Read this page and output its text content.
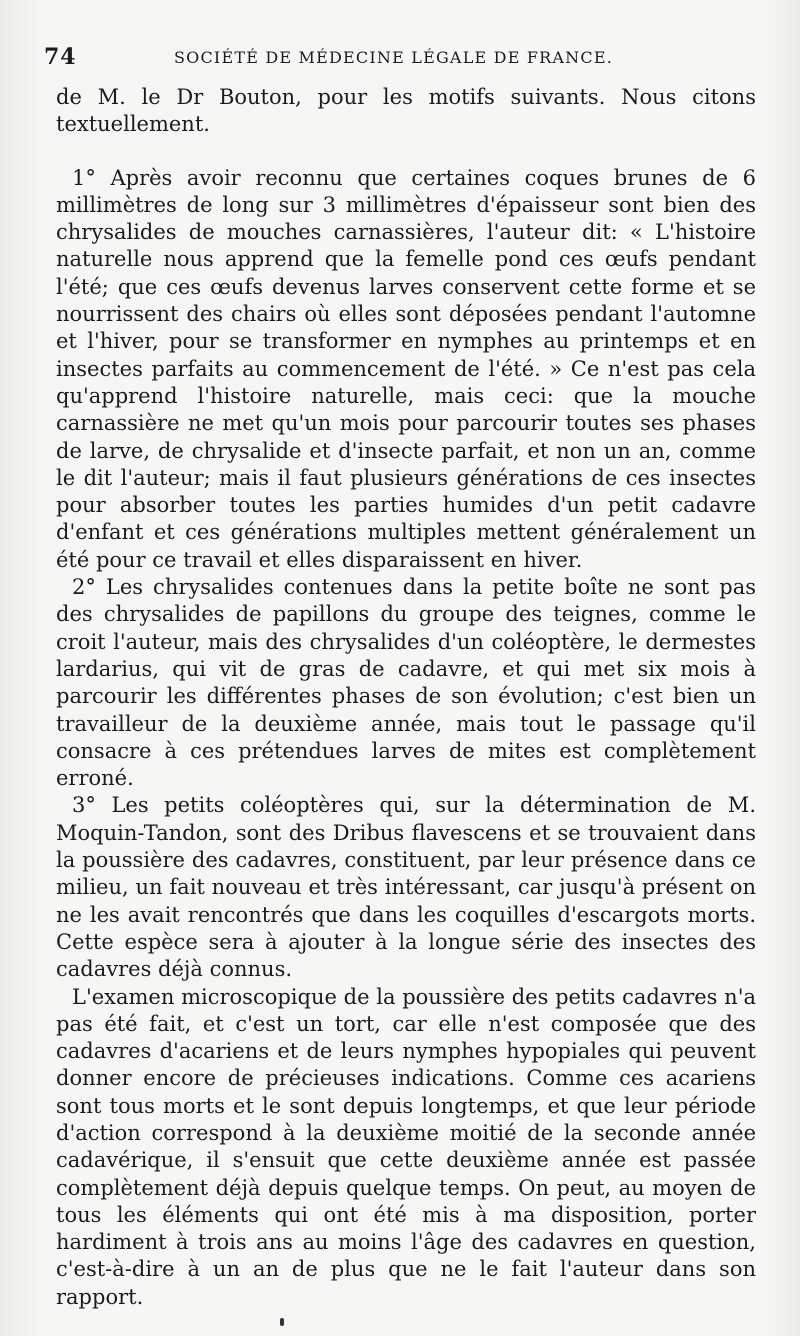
74	SOCIÉTÉ DE MÉDECINE LÉGALE DE FRANCE.

de M. le Dr Bouton, pour les motifs suivants. Nous citons textuellement.

1° Après avoir reconnu que certaines coques brunes de 6 millimètres de long sur 3 millimètres d'épaisseur sont bien des chrysalides de mouches carnassières, l'auteur dit: « L'histoire naturelle nous apprend que la femelle pond ces œufs pendant l'été; que ces œufs devenus larves conservent cette forme et se nourrissent des chairs où elles sont déposées pendant l'automne et l'hiver, pour se transformer en nymphes au printemps et en insectes parfaits au commencement de l'été. » Ce n'est pas cela qu'apprend l'histoire naturelle, mais ceci: que la mouche carnassière ne met qu'un mois pour parcourir toutes ses phases de larve, de chrysalide et d'insecte parfait, et non un an, comme le dit l'auteur; mais il faut plusieurs générations de ces insectes pour absorber toutes les parties humides d'un petit cadavre d'enfant et ces générations multiples mettent généralement un été pour ce travail et elles disparaissent en hiver.

2° Les chrysalides contenues dans la petite boîte ne sont pas des chrysalides de papillons du groupe des teignes, comme le croit l'auteur, mais des chrysalides d'un coléoptère, le dermestes lardarius, qui vit de gras de cadavre, et qui met six mois à parcourir les différentes phases de son évolution; c'est bien un travailleur de la deuxième année, mais tout le passage qu'il consacre à ces prétendues larves de mites est complètement erroné.

3° Les petits coléoptères qui, sur la détermination de M. Moquin-Tandon, sont des Dribus flavescens et se trouvaient dans la poussière des cadavres, constituent, par leur présence dans ce milieu, un fait nouveau et très intéressant, car jusqu'à présent on ne les avait rencontrés que dans les coquilles d'escargots morts. Cette espèce sera à ajouter à la longue série des insectes des cadavres déjà connus.

L'examen microscopique de la poussière des petits cadavres n'a pas été fait, et c'est un tort, car elle n'est composée que des cadavres d'acariens et de leurs nymphes hypopiales qui peuvent donner encore de précieuses indications. Comme ces acariens sont tous morts et le sont depuis longtemps, et que leur période d'action correspond à la deuxième moitié de la seconde année cadavérique, il s'ensuit que cette deuxième année est passée complètement déjà depuis quelque temps. On peut, au moyen de tous les éléments qui ont été mis à ma disposition, porter hardiment à trois ans au moins l'âge des cadavres en question, c'est-à-dire à un an de plus que ne le fait l'auteur dans son rapport.
